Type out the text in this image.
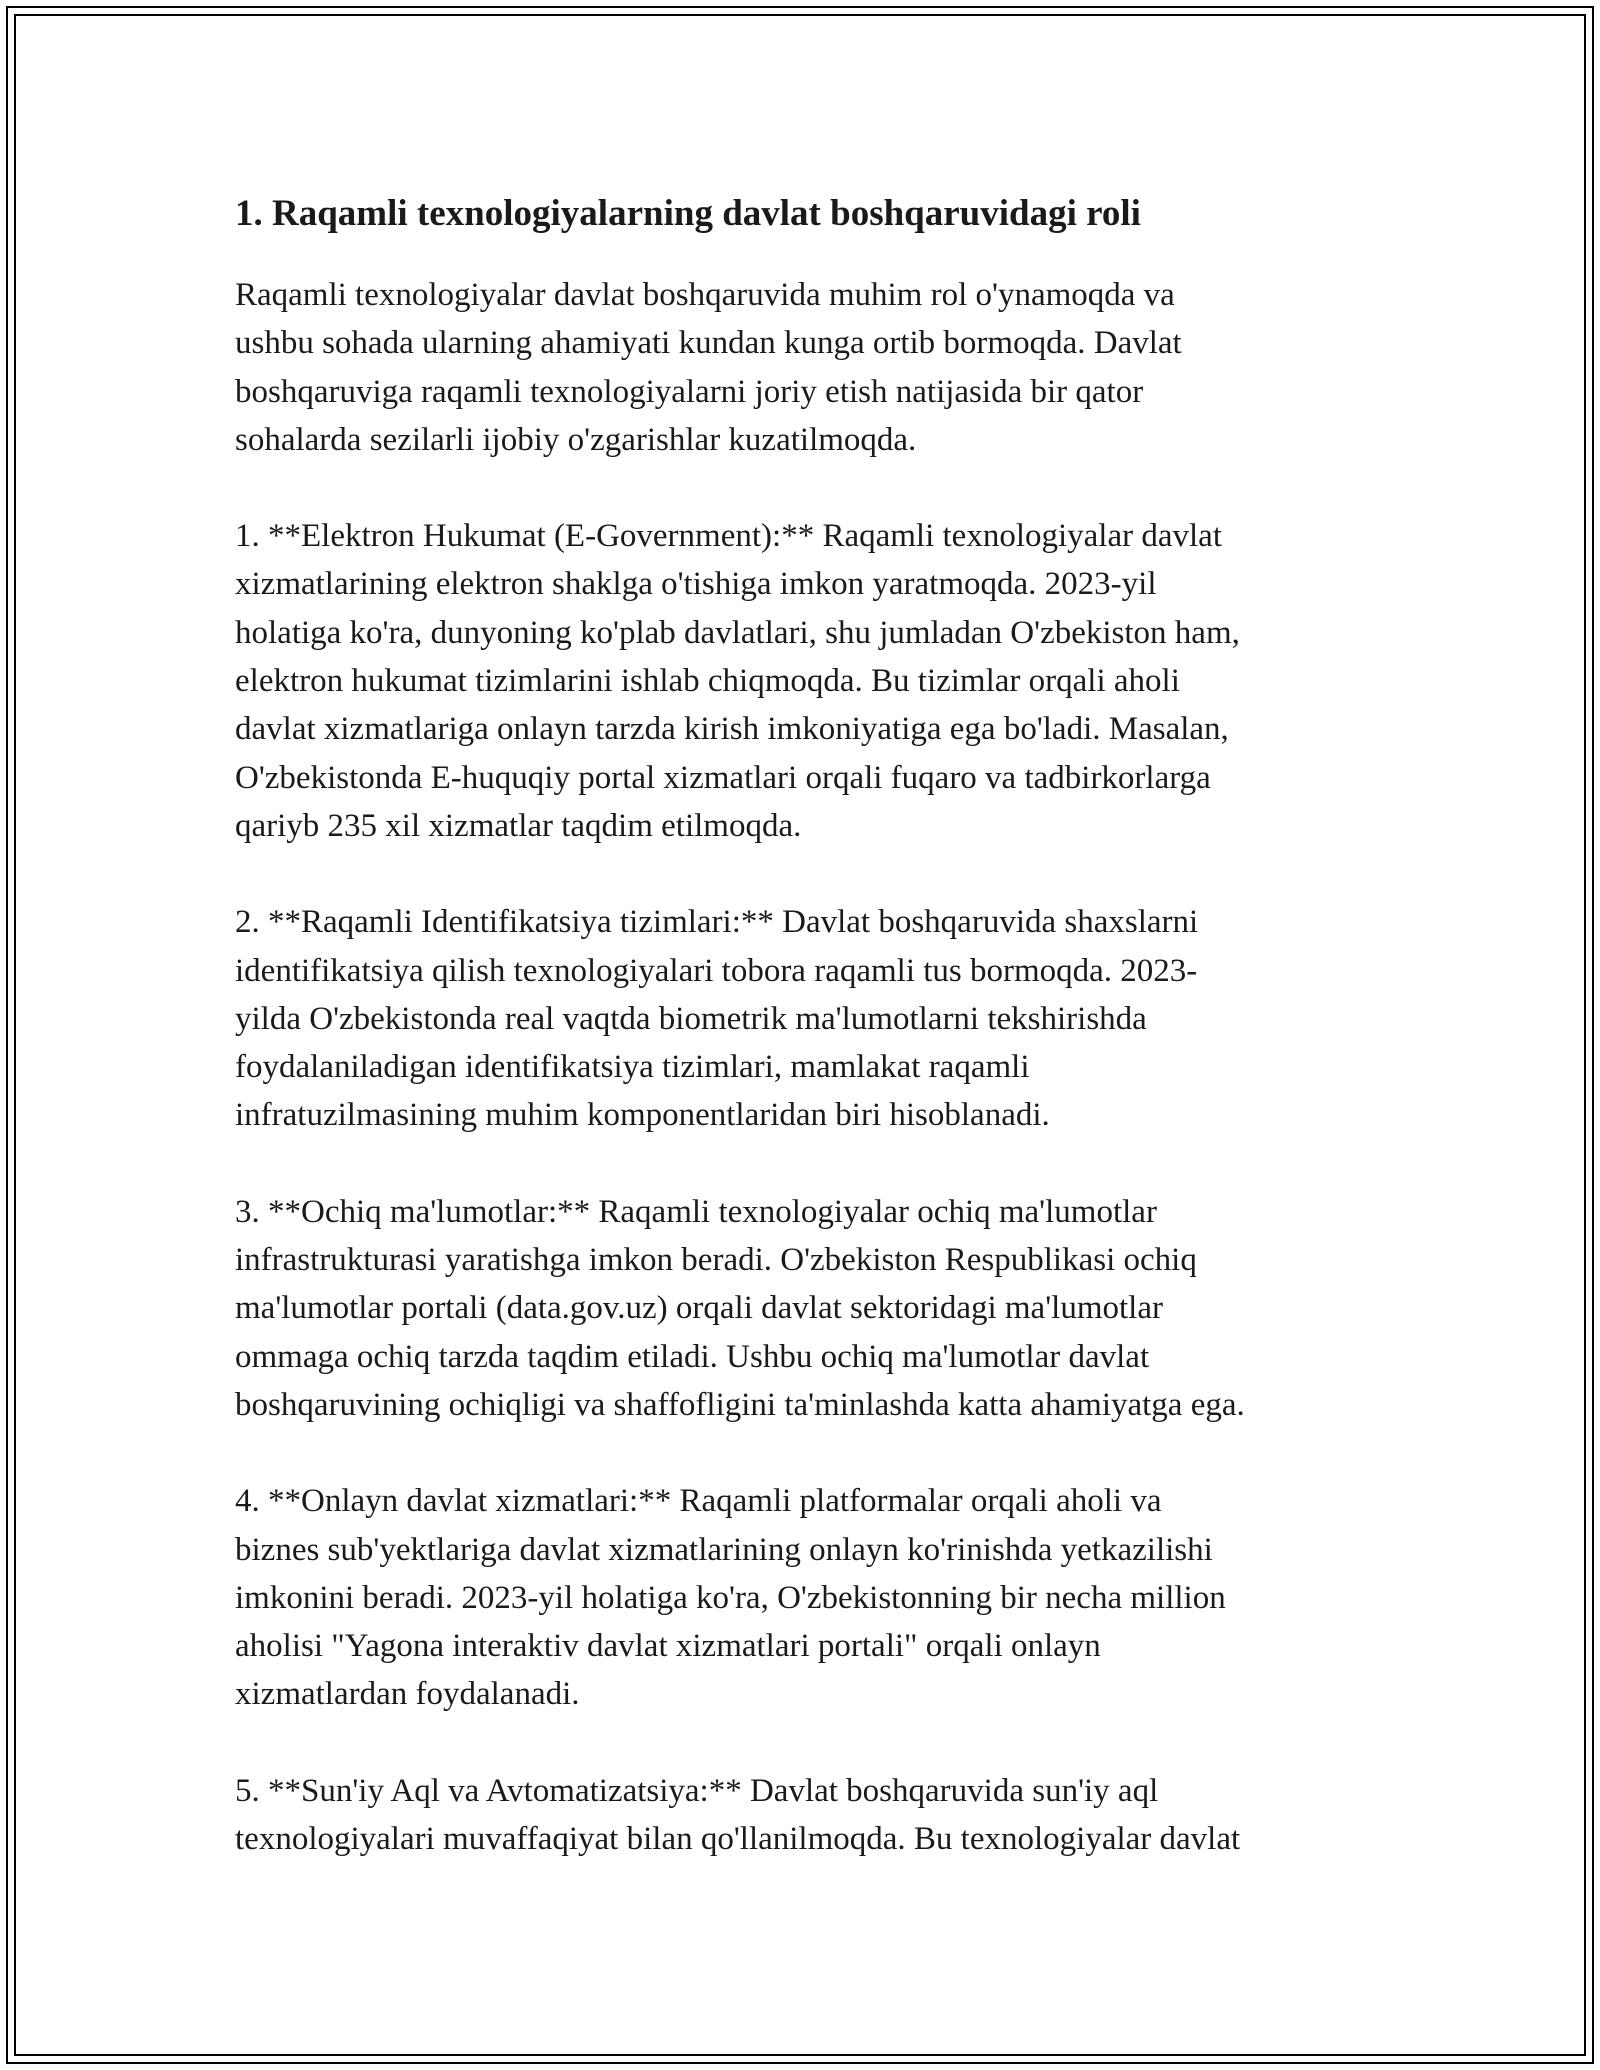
1. Raqamli texnologiyalarning davlat boshqaruvidagi roli

Raqamli texnologiyalar davlat boshqaruvida muhim rol o'ynamoqda va
ushbu sohada ularning ahamiyati kundan kunga ortib bormoqda. Davlat
boshqaruviga raqamli texnologiyalarni joriy etish natijasida bir qator
sohalarda sezilarli ijobiy o'zgarishlar kuzatilmoqda.

1. **Elektron Hukumat (E-Government):** Raqamli texnologiyalar davlat
xizmatlarining elektron shaklga o'tishiga imkon yaratmoqda. 2023-yil
holatiga ko'ra, dunyoning ko'plab davlatlari, shu jumladan O'zbekiston ham,
elektron hukumat tizimlarini ishlab chiqmoqda. Bu tizimlar orqali aholi
davlat xizmatlariga onlayn tarzda kirish imkoniyatiga ega bo'ladi. Masalan,
O'zbekistonda E-huquqiy portal xizmatlari orqali fuqaro va tadbirkorlarga
qariyb 235 xil xizmatlar taqdim etilmoqda.

2. **Raqamli Identifikatsiya tizimlari:** Davlat boshqaruvida shaxslarni
identifikatsiya qilish texnologiyalari tobora raqamli tus bormoqda. 2023-
yilda O'zbekistonda real vaqtda biometrik ma'lumotlarni tekshirishda
foydalaniladigan identifikatsiya tizimlari, mamlakat raqamli
infratuzilmasining muhim komponentlaridan biri hisoblanadi.

3. **Ochiq ma'lumotlar:** Raqamli texnologiyalar ochiq ma'lumotlar
infrastrukturasi yaratishga imkon beradi. O'zbekiston Respublikasi ochiq
ma'lumotlar portali (data.gov.uz) orqali davlat sektoridagi ma'lumotlar
ommaga ochiq tarzda taqdim etiladi. Ushbu ochiq ma'lumotlar davlat
boshqaruvining ochiqligi va shaffofligini ta'minlashda katta ahamiyatga ega.

4. **Onlayn davlat xizmatlari:** Raqamli platformalar orqali aholi va
biznes sub'yektlariga davlat xizmatlarining onlayn ko'rinishda yetkazilishi
imkonini beradi. 2023-yil holatiga ko'ra, O'zbekistonning bir necha million
aholisi "Yagona interaktiv davlat xizmatlari portali" orqali onlayn
xizmatlardan foydalanadi.

5. **Sun'iy Aql va Avtomatizatsiya:** Davlat boshqaruvida sun'iy aql
texnologiyalari muvaffaqiyat bilan qo'llanilmoqda. Bu texnologiyalar davlat
